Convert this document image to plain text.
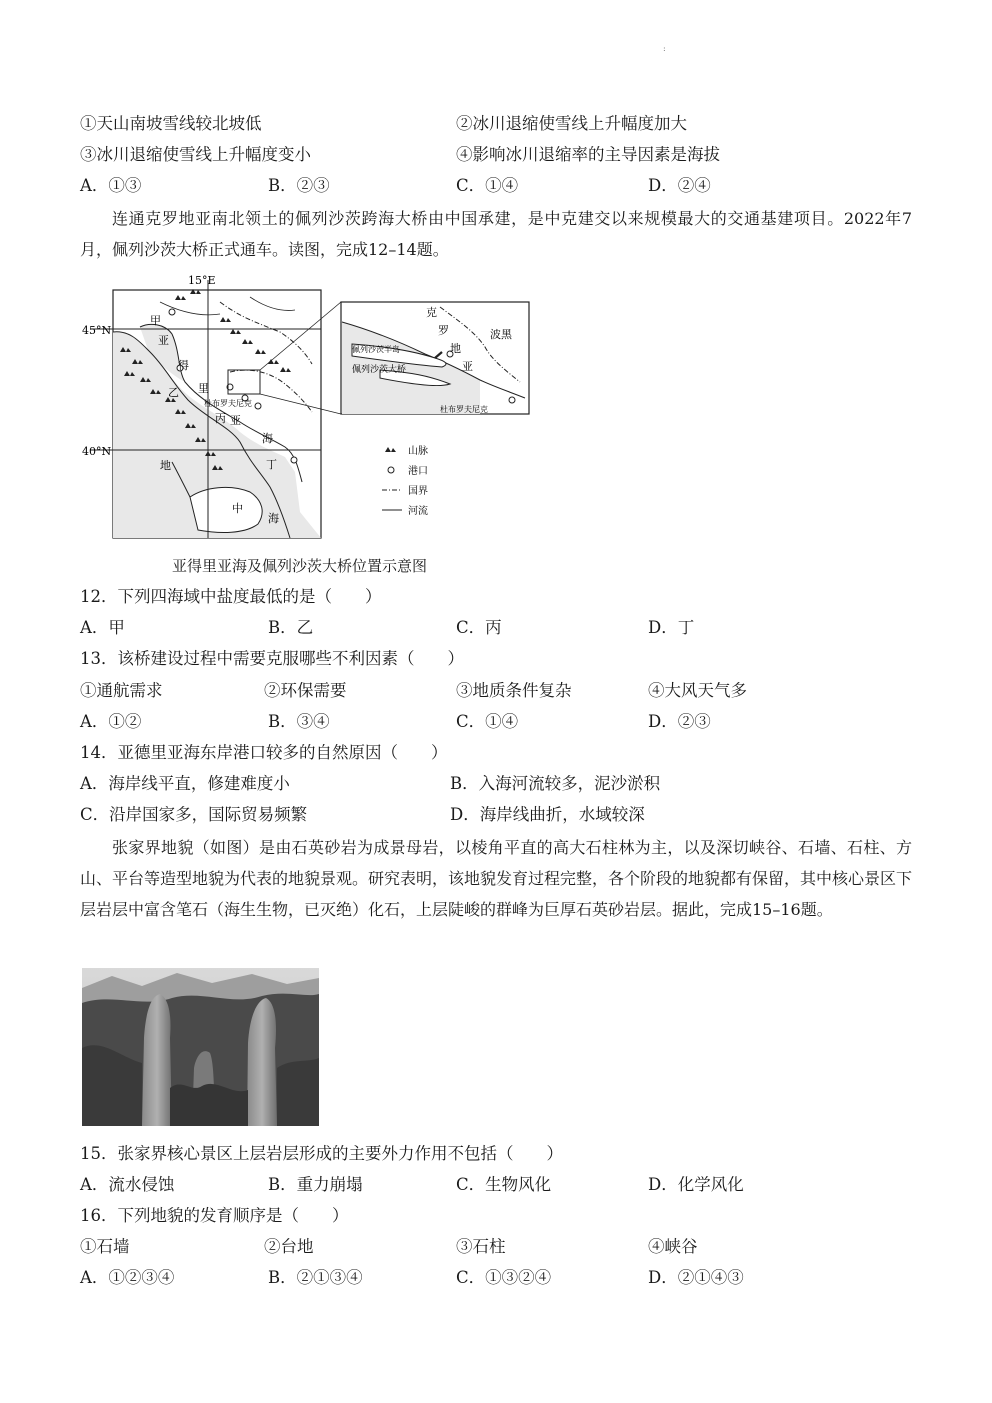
:
①天山南坡雪线较北坡低	②冰川退缩使雪线上升幅度加大
③冰川退缩使雪线上升幅度变小	④影响冰川退缩率的主导因素是海拔
A．①③	B．②③	C．①④	D．②④
连通克罗地亚南北领土的佩列沙茨跨海大桥由中国承建，是中克建交以来规模最大的交通基建项目。2022年7月，佩列沙茨大桥正式通车。读图，完成12–14题。
15°E
45°N
40°N
甲
乙
丙
丁
亚
得
里
亚
海
杜布罗夫尼克
地
中
海
克
罗
地
亚
波黑
佩列沙茨半岛
佩列沙茨大桥
杜布罗夫尼克
山脉
港口
国界
河流
亚得里亚海及佩列沙茨大桥位置示意图
12．下列四海域中盐度最低的是（　　）
A．甲	B．乙	C．丙	D．丁
13．该桥建设过程中需要克服哪些不利因素（　　）
①通航需求	②环保需要	③地质条件复杂	④大风天气多
A．①②	B．③④	C．①④	D．②③
14．亚德里亚海东岸港口较多的自然原因（　　）
A．海岸线平直，修建难度小	B．入海河流较多，泥沙淤积
C．沿岸国家多，国际贸易频繁	D．海岸线曲折，水域较深
张家界地貌（如图）是由石英砂岩为成景母岩，以棱角平直的高大石柱林为主，以及深切峡谷、石墙、石柱、方山、平台等造型地貌为代表的地貌景观。研究表明，该地貌发育过程完整，各个阶段的地貌都有保留，其中核心景区下层岩层中富含笔石（海生生物，已灭绝）化石，上层陡峻的群峰为巨厚石英砂岩层。据此，完成15–16题。
15．张家界核心景区上层岩层形成的主要外力作用不包括（　　）
A．流水侵蚀	B．重力崩塌	C．生物风化	D．化学风化
16．下列地貌的发育顺序是（　　）
①石墙	②台地	③石柱	④峡谷
A．①②③④	B．②①③④	C．①③②④	D．②①④③
